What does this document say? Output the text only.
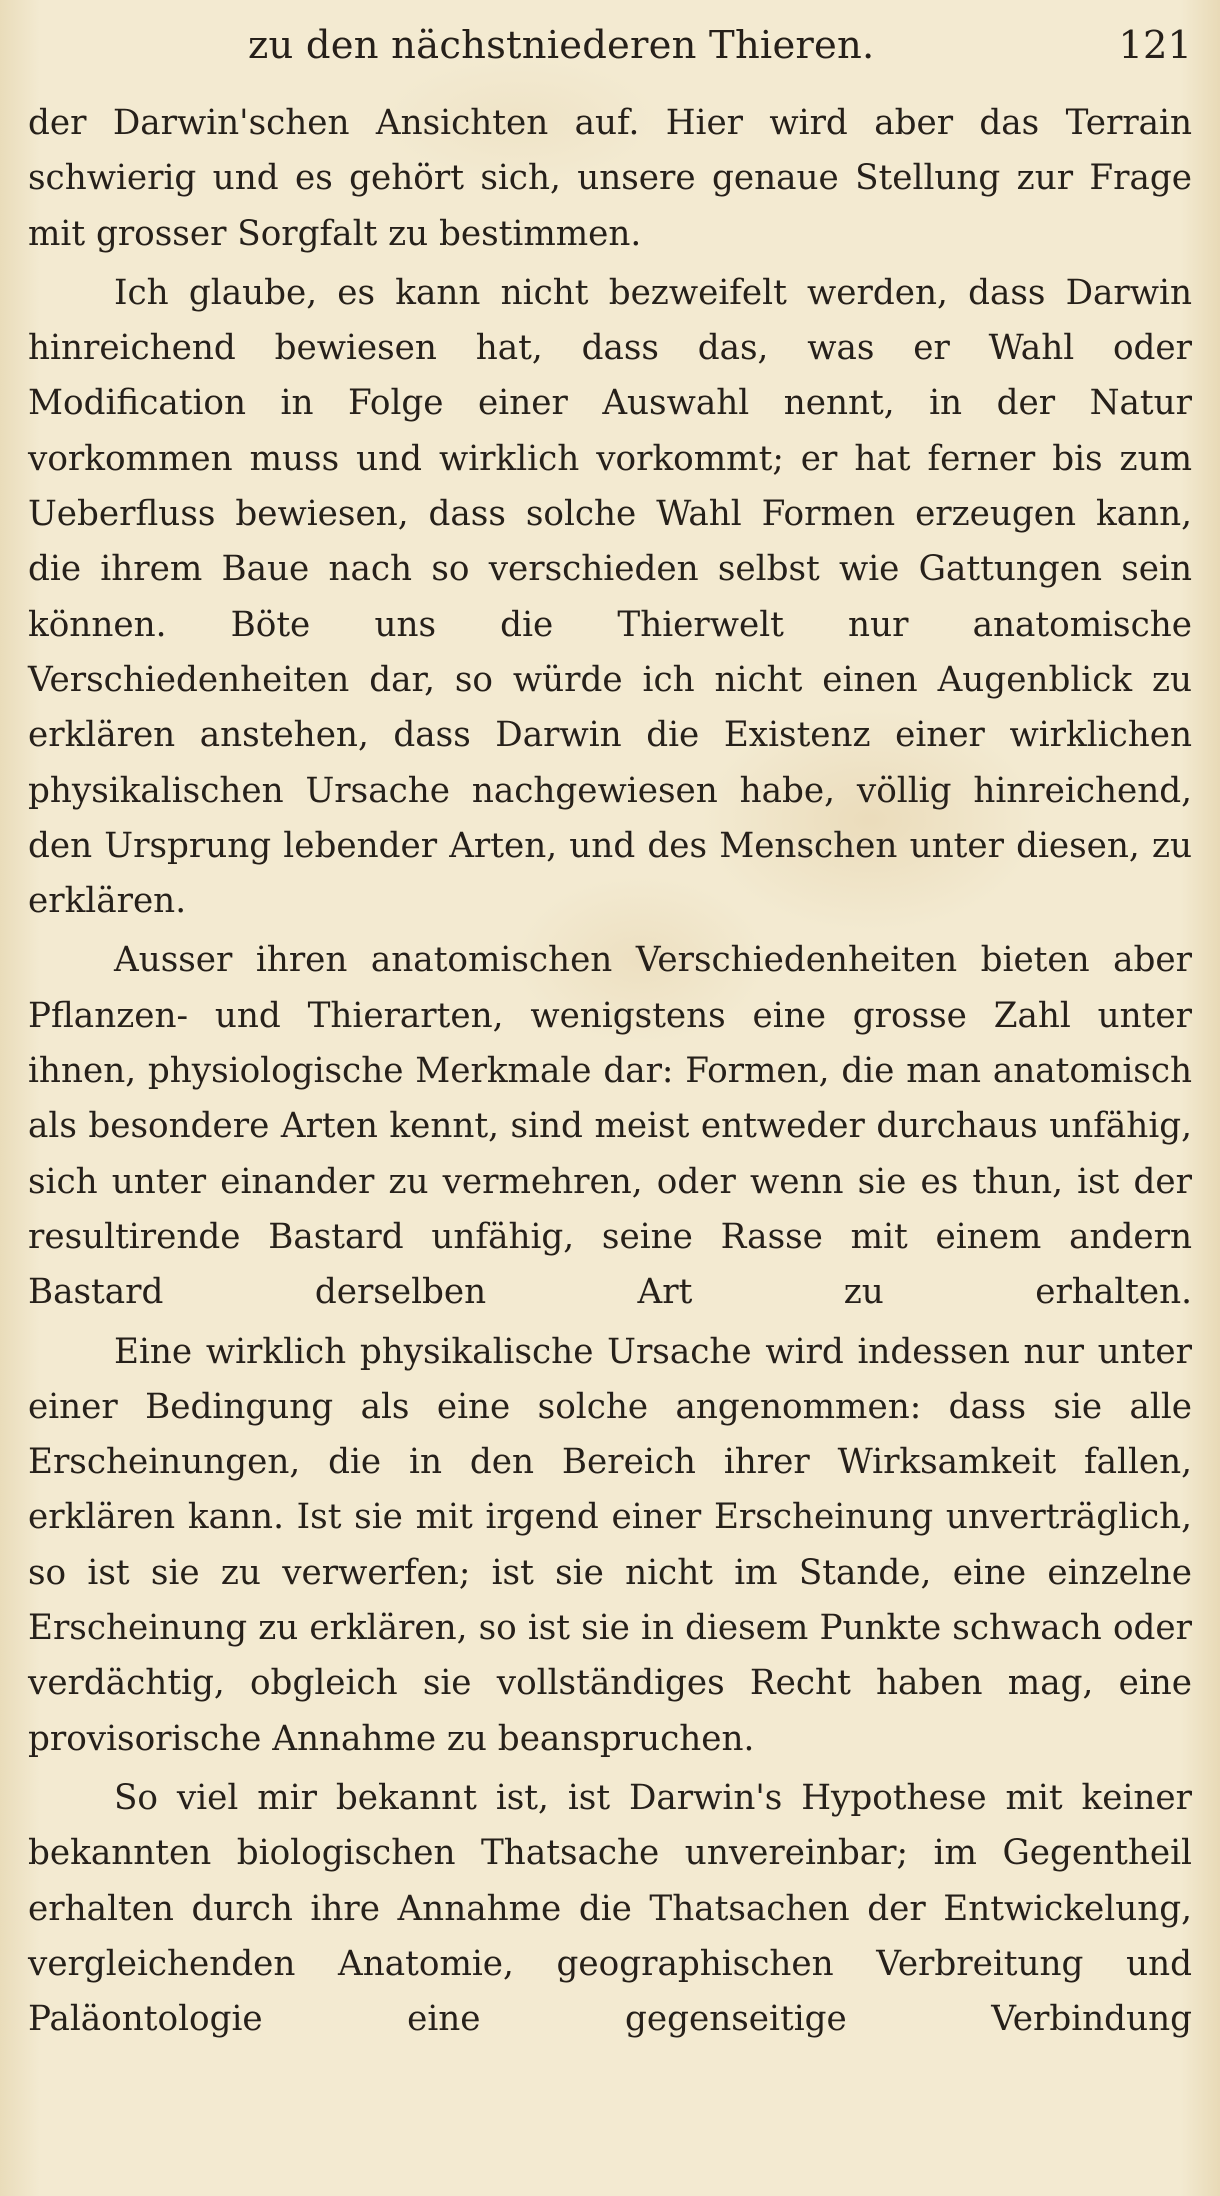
zu den nächstniederen Thieren.	121

der Darwin'schen Ansichten auf. Hier wird aber das Terrain schwierig und es gehört sich, unsere genaue Stellung zur Frage mit grosser Sorgfalt zu bestimmen.

Ich glaube, es kann nicht bezweifelt werden, dass Darwin hinreichend bewiesen hat, dass das, was er Wahl oder Modification in Folge einer Auswahl nennt, in der Natur vorkommen muss und wirklich vorkommt; er hat ferner bis zum Ueberfluss bewiesen, dass solche Wahl Formen erzeugen kann, die ihrem Baue nach so verschieden selbst wie Gattungen sein können. Böte uns die Thierwelt nur anatomische Verschiedenheiten dar, so würde ich nicht einen Augenblick zu erklären anstehen, dass Darwin die Existenz einer wirklichen physikalischen Ursache nachgewiesen habe, völlig hinreichend, den Ursprung lebender Arten, und des Menschen unter diesen, zu erklären.

Ausser ihren anatomischen Verschiedenheiten bieten aber Pflanzen- und Thierarten, wenigstens eine grosse Zahl unter ihnen, physiologische Merkmale dar: Formen, die man anatomisch als besondere Arten kennt, sind meist entweder durchaus unfähig, sich unter einander zu vermehren, oder wenn sie es thun, ist der resultirende Bastard unfähig, seine Rasse mit einem andern Bastard derselben Art zu erhalten.

Eine wirklich physikalische Ursache wird indessen nur unter einer Bedingung als eine solche angenommen: dass sie alle Erscheinungen, die in den Bereich ihrer Wirksamkeit fallen, erklären kann. Ist sie mit irgend einer Erscheinung unverträglich, so ist sie zu verwerfen; ist sie nicht im Stande, eine einzelne Erscheinung zu erklären, so ist sie in diesem Punkte schwach oder verdächtig, obgleich sie vollständiges Recht haben mag, eine provisorische Annahme zu beanspruchen.

So viel mir bekannt ist, ist Darwin's Hypothese mit keiner bekannten biologischen Thatsache unvereinbar; im Gegentheil erhalten durch ihre Annahme die Thatsachen der Entwickelung, vergleichenden Anatomie, geographischen Verbreitung und Paläontologie eine gegenseitige Verbindung
